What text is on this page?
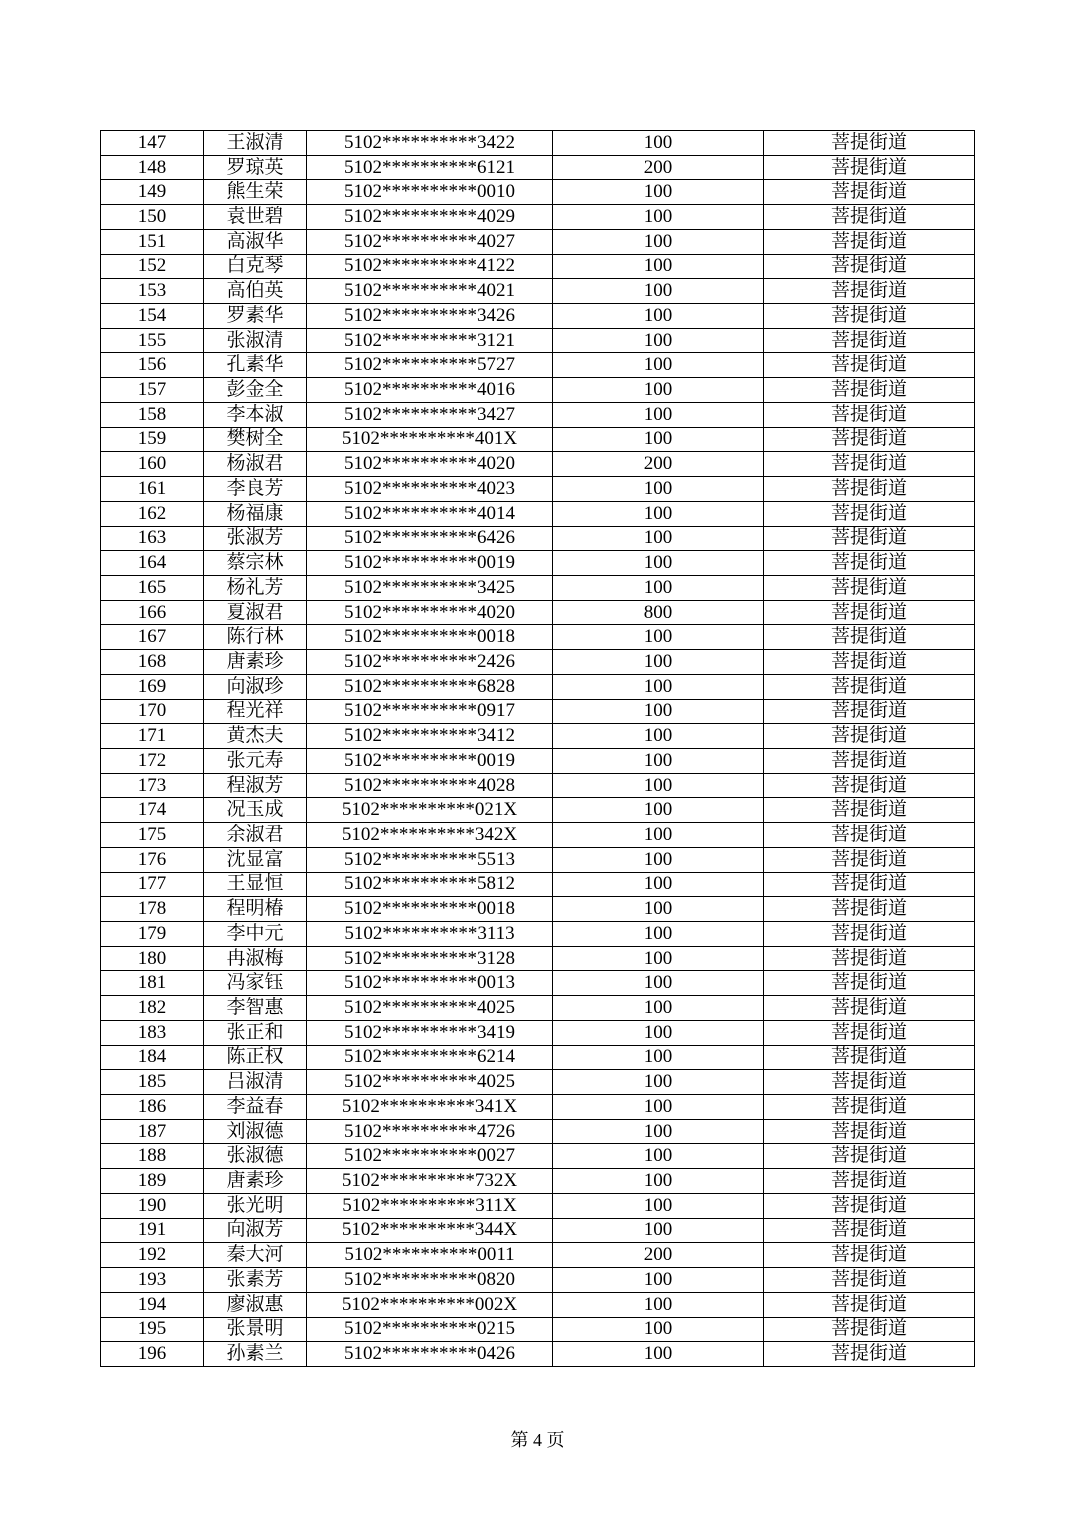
147	王淑清	5102**********3422	100	菩提街道
148	罗琼英	5102**********6121	200	菩提街道
149	熊生荣	5102**********0010	100	菩提街道
150	袁世碧	5102**********4029	100	菩提街道
151	高淑华	5102**********4027	100	菩提街道
152	白克琴	5102**********4122	100	菩提街道
153	高伯英	5102**********4021	100	菩提街道
154	罗素华	5102**********3426	100	菩提街道
155	张淑清	5102**********3121	100	菩提街道
156	孔素华	5102**********5727	100	菩提街道
157	彭金全	5102**********4016	100	菩提街道
158	李本淑	5102**********3427	100	菩提街道
159	樊树全	5102**********401X	100	菩提街道
160	杨淑君	5102**********4020	200	菩提街道
161	李良芳	5102**********4023	100	菩提街道
162	杨福康	5102**********4014	100	菩提街道
163	张淑芳	5102**********6426	100	菩提街道
164	蔡宗林	5102**********0019	100	菩提街道
165	杨礼芳	5102**********3425	100	菩提街道
166	夏淑君	5102**********4020	800	菩提街道
167	陈行林	5102**********0018	100	菩提街道
168	唐素珍	5102**********2426	100	菩提街道
169	向淑珍	5102**********6828	100	菩提街道
170	程光祥	5102**********0917	100	菩提街道
171	黄杰夫	5102**********3412	100	菩提街道
172	张元寿	5102**********0019	100	菩提街道
173	程淑芳	5102**********4028	100	菩提街道
174	况玉成	5102**********021X	100	菩提街道
175	余淑君	5102**********342X	100	菩提街道
176	沈显富	5102**********5513	100	菩提街道
177	王显恒	5102**********5812	100	菩提街道
178	程明椿	5102**********0018	100	菩提街道
179	李中元	5102**********3113	100	菩提街道
180	冉淑梅	5102**********3128	100	菩提街道
181	冯家钰	5102**********0013	100	菩提街道
182	李智惠	5102**********4025	100	菩提街道
183	张正和	5102**********3419	100	菩提街道
184	陈正权	5102**********6214	100	菩提街道
185	吕淑清	5102**********4025	100	菩提街道
186	李益春	5102**********341X	100	菩提街道
187	刘淑德	5102**********4726	100	菩提街道
188	张淑德	5102**********0027	100	菩提街道
189	唐素珍	5102**********732X	100	菩提街道
190	张光明	5102**********311X	100	菩提街道
191	向淑芳	5102**********344X	100	菩提街道
192	秦大河	5102**********0011	200	菩提街道
193	张素芳	5102**********0820	100	菩提街道
194	廖淑惠	5102**********002X	100	菩提街道
195	张景明	5102**********0215	100	菩提街道
196	孙素兰	5102**********0426	100	菩提街道
第 4 页
